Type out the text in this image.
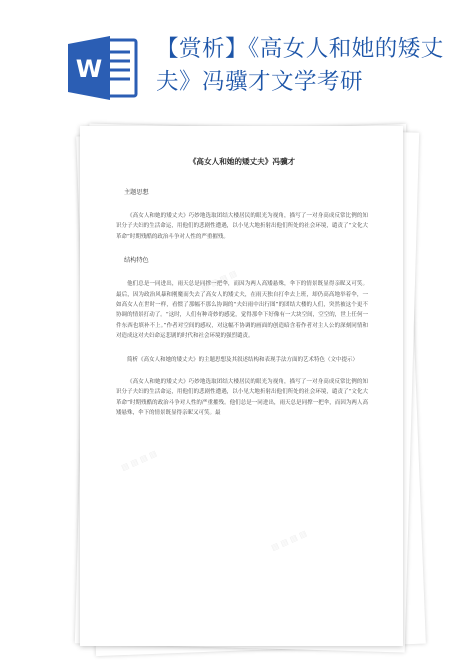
W
【赏析】《高女人和她的矮丈
夫》冯骥才文学考研
▤ ▤ ▤ ▤
▤ ▤ ▤ ▤
▤ ▤ ▤ ▤
《高女人和她的矮丈夫》冯骥才
主题思想

《高女人和她的矮丈夫》巧妙地选取团结大楼居民的眼光为视角，描写了一对身高成反常比例的知识分子夫妇的生活命运，用他们的悲剧性遭遇，以小见大地折射出他们所处的社会环境，谴责了“文化大革命”时期残酷的政治斗争对人性的严重摧残。

结构特色

他们总是一同进出，雨天总是同撑一把伞，而因为两人高矮悬殊，伞下的情景既显得亲昵又可笑。最后，因为政治风暴和刚魔而失去了高女人的矮丈夫，在雨天独自打伞去上班，却仍高高地举着伞，一如高女人在世时一样，看惯了那幅不那么协调的“夫妇雨中出行图”的团结大楼的人们，突然被这个更不协调的情景打动了。“这时，人们有种奇妙的感觉，觉得那伞下好像有一大块空间，空空的，世上任何一件东西也填补不上。”作者对空间的感叹，对这幅不协调的画面的创造暗含着作者对主人公的深刻同情和对造成这对夫妇命运悲剧的时代和社会环境的强烈谴责。

简析《高女人和她的矮丈夫》的主题思想及其叙述结构和表现手法方面的艺术特色（文中提示）

《高女人和她的矮丈夫》巧妙地选取团结大楼居民的眼光为视角，描写了一对身高成反常比例的知识分子夫妇的生活命运，用他们的悲剧性遭遇，以小见大地折射出他们所处的社会环境，谴责了“文化大革命”时期残酷的政治斗争对人性的严重摧残。他们总是一同进出，雨天总是同撑一把伞，而因为两人高矮悬殊，伞下的情景既显得亲昵又可笑。最
